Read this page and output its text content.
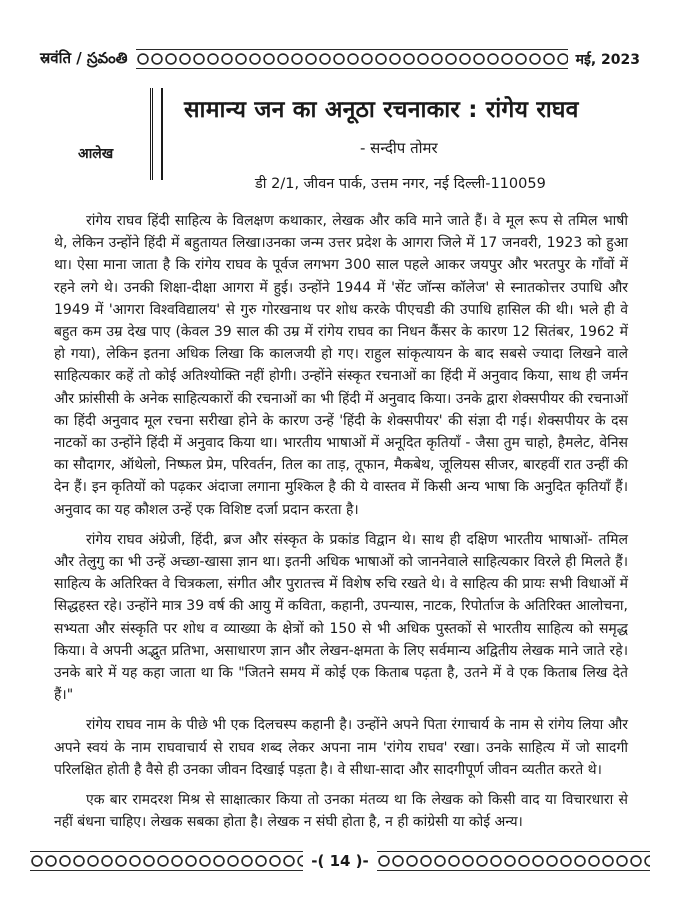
स्रवंति / స్రవంతి	मई, 2023
आलेख
सामान्य जन का अनूठा रचनाकार : रांगेय राघव
- सन्दीप तोमर
डी 2/1, जीवन पार्क, उत्तम नगर, नई दिल्ली-110059

रांगेय राघव हिंदी साहित्य के विलक्षण कथाकार, लेखक और कवि माने जाते हैं। वे मूल रूप से तमिल भाषी थे, लेकिन उन्होंने हिंदी में बहुतायत लिखा।उनका जन्म उत्तर प्रदेश के आगरा जिले में 17 जनवरी, 1923 को हुआ था। ऐसा माना जाता है कि रांगेय राघव के पूर्वज लगभग 300 साल पहले आकर जयपुर और भरतपुर के गाँवों में रहने लगे थे। उनकी शिक्षा-दीक्षा आगरा में हुई। उन्होंने 1944 में 'सेंट जॉन्स कॉलेज' से स्नातकोत्तर उपाधि और 1949 में 'आगरा विश्वविद्यालय' से गुरु गोरखनाथ पर शोध करके पीएचडी की उपाधि हासिल की थी। भले ही वे बहुत कम उम्र देख पाए (केवल 39 साल की उम्र में रांगेय राघव का निधन कैंसर के कारण 12 सितंबर, 1962 में हो गया), लेकिन इतना अधिक लिखा कि कालजयी हो गए। राहुल सांकृत्यायन के बाद सबसे ज्यादा लिखने वाले साहित्यकार कहें तो कोई अतिश्योक्ति नहीं होगी। उन्होंने संस्कृत रचनाओं का हिंदी में अनुवाद किया, साथ ही जर्मन और फ्रांसीसी के अनेक साहित्यकारों की रचनाओं का भी हिंदी में अनुवाद किया। उनके द्वारा शेक्सपीयर की रचनाओं का हिंदी अनुवाद मूल रचना सरीखा होने के कारण उन्हें 'हिंदी के शेक्सपीयर' की संज्ञा दी गई। शेक्सपीयर के दस नाटकों का उन्होंने हिंदी में अनुवाद किया था। भारतीय भाषाओं में अनूदित कृतियाँ - जैसा तुम चाहो, हैमलेट, वेनिस का सौदागर, ऑथेलो, निष्फल प्रेम, परिवर्तन, तिल का ताड़, तूफान, मैकबेथ, जूलियस सीजर, बारहवीं रात उन्हीं की देन हैं। इन कृतियों को पढ़कर अंदाजा लगाना मुश्किल है की ये वास्तव में किसी अन्य भाषा कि अनुदित कृतियाँ हैं। अनुवाद का यह कौशल उन्हें एक विशिष्ट दर्जा प्रदान करता है।

रांगेय राघव अंग्रेजी, हिंदी, ब्रज और संस्कृत के प्रकांड विद्वान थे। साथ ही दक्षिण भारतीय भाषाओं- तमिल और तेलुगु का भी उन्हें अच्छा-खासा ज्ञान था। इतनी अधिक भाषाओं को जाननेवाले साहित्यकार विरले ही मिलते हैं। साहित्य के अतिरिक्त वे चित्रकला, संगीत और पुरातत्त्व में विशेष रुचि रखते थे। वे साहित्य की प्रायः सभी विधाओं में सिद्धहस्त रहे। उन्होंने मात्र 39 वर्ष की आयु में कविता, कहानी, उपन्यास, नाटक, रिपोर्ताज के अतिरिक्त आलोचना, सभ्यता और संस्कृति पर शोध व व्याख्या के क्षेत्रों को 150 से भी अधिक पुस्तकों से भारतीय साहित्य को समृद्ध किया। वे अपनी अद्भुत प्रतिभा, असाधारण ज्ञान और लेखन-क्षमता के लिए सर्वमान्य अद्वितीय लेखक माने जाते रहे। उनके बारे में यह कहा जाता था कि "जितने समय में कोई एक किताब पढ़ता है, उतने में वे एक किताब लिख देते हैं।"

रांगेय राघव नाम के पीछे भी एक दिलचस्प कहानी है। उन्होंने अपने पिता रंगाचार्य के नाम से रांगेय लिया और अपने स्वयं के नाम राघवाचार्य से राघव शब्द लेकर अपना नाम 'रांगेय राघव' रखा। उनके साहित्य में जो सादगी परिलक्षित होती है वैसे ही उनका जीवन दिखाई पड़ता है। वे सीधा-सादा और सादगीपूर्ण जीवन व्यतीत करते थे।

एक बार रामदरश मिश्र से साक्षात्कार किया तो उनका मंतव्य था कि लेखक को किसी वाद या विचारधारा से नहीं बंधना चाहिए। लेखक सबका होता है। लेखक न संघी होता है, न ही कांग्रेसी या कोई अन्य।

-( 14 )-
